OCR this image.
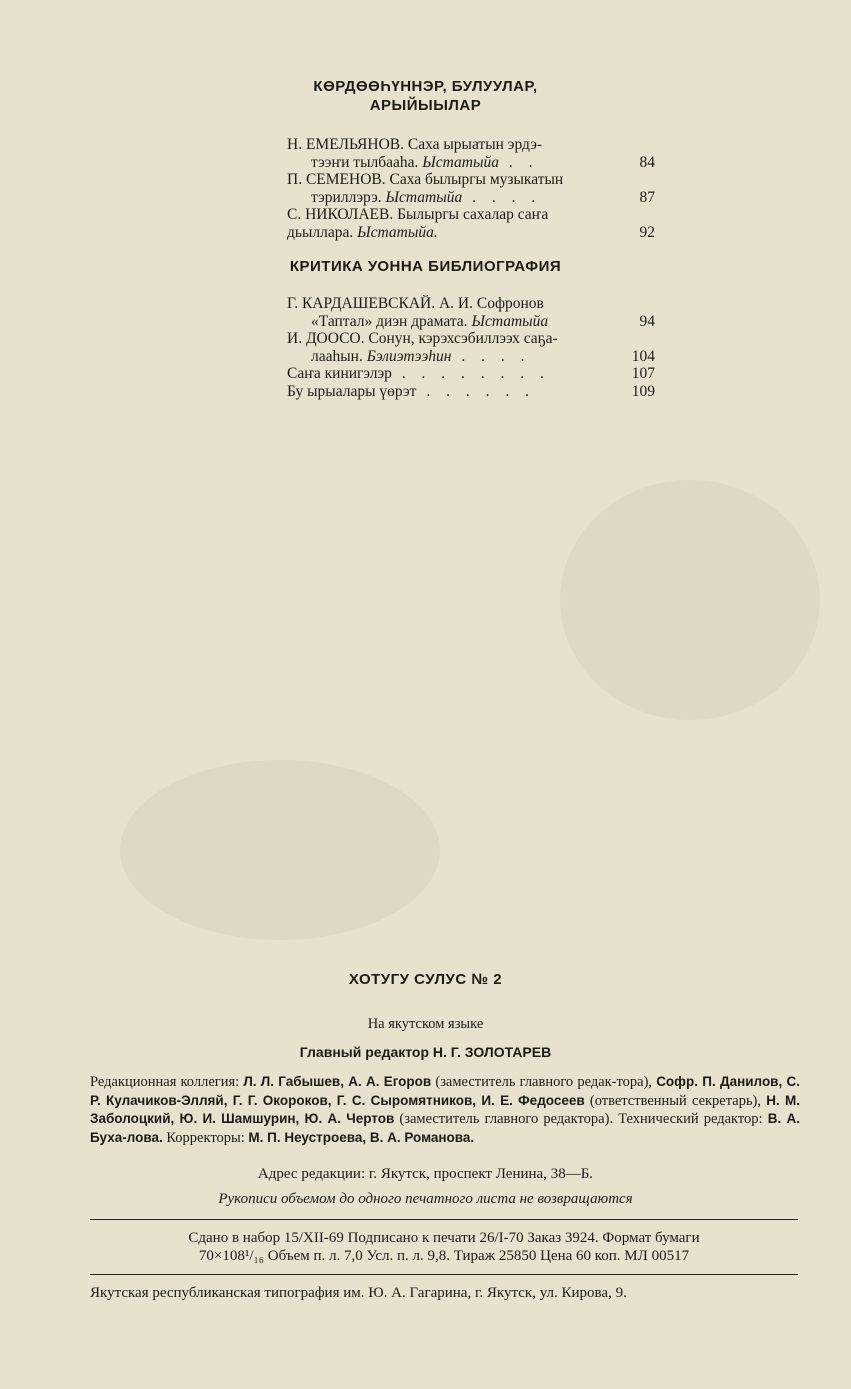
КӨРДӨӨҺҮННЭР, БУЛУУЛАР,
АРЫЙЫЫЛАР
Н. ЕМЕЛЬЯНОВ. Саха ырыатын эрдэ-
тээҥи тылбааһа. Ыстатыйа . .	84
П. СЕМЕНОВ. Саха былыргы музыкатын
тэриллэрэ. Ыстатыйа . . . .	87
С. НИКОЛАЕВ. Былыргы сахалар саҥа
дьыллара. Ыстатыйа.	92
КРИТИКА УОННА БИБЛИОГРАФИЯ
Г. КАРДАШЕВСКАЙ. А. И. Софронов
«Таптал» диэн драмата. Ыстатыйа	94
И. ДООСО. Сонун, кэрэхсэбиллээх саҕа-
лааһын. Бэлиэтээһин . . . .	104
Саҥа кинигэлэр . . . . . . . .	107
Бу ырыалары үөрэт . . . . . .	109
ХОТУГУ СУЛУС № 2
На якутском языке
Главный редактор Н. Г. ЗОЛОТАРЕВ
Редакционная коллегия: Л. Л. Габышев, А. А. Егоров (заместитель главного редак-тора), Софр. П. Данилов, С. Р. Кулачиков-Элляй, Г. Г. Окороков, Г. С. Сыромятников, И. Е. Федосеев (ответственный секретарь), Н. М. Заболоцкий, Ю. И. Шамшурин, Ю. А. Чертов (заместитель главного редактора). Технический редактор: В. А. Буха-лова. Корректоры: М. П. Неустроева, В. А. Романова.
Адрес редакции: г. Якутск, проспект Ленина, 38—Б.
Рукописи объемом до одного печатного листа не возвращаются
Сдано в набор 15/XII-69 Подписано к печати 26/I-70 Заказ 3924. Формат бумаги
70×108¹/₁₆ Объем п. л. 7,0 Усл. п. л. 9,8. Тираж 25850 Цена 60 коп. МЛ 00517
Якутская республиканская типография им. Ю. А. Гагарина, г. Якутск, ул. Кирова, 9.
